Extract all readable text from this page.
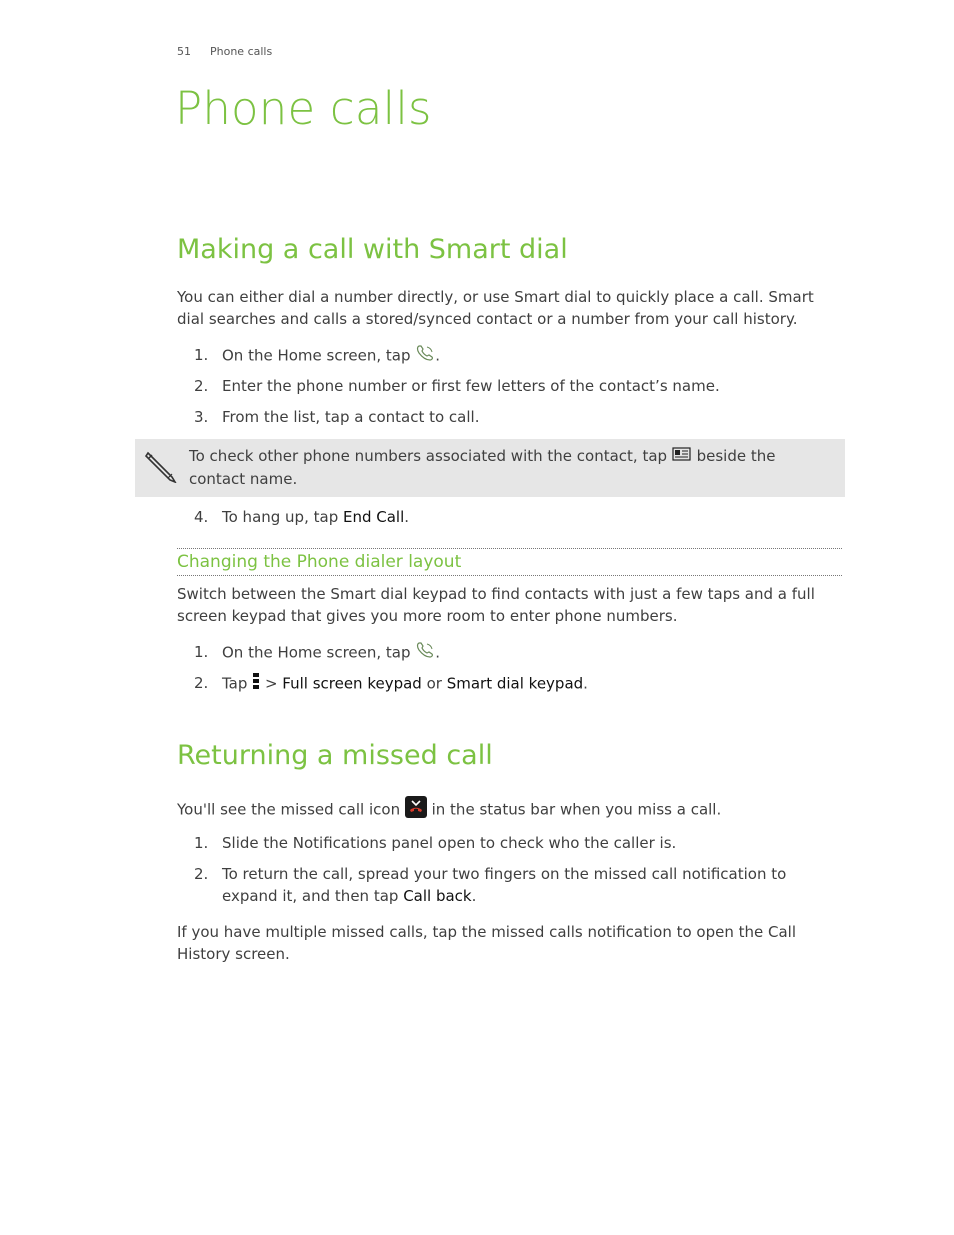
51 Phone calls
Phone calls
Making a call with Smart dial
You can either dial a number directly, or use Smart dial to quickly place a call. Smart dial searches and calls a stored/synced contact or a number from your call history.
1. On the Home screen, tap .
2. Enter the phone number or first few letters of the contact’s name.
3. From the list, tap a contact to call.
To check other phone numbers associated with the contact, tap  beside the contact name.
4. To hang up, tap End Call.
Changing the Phone dialer layout
Switch between the Smart dial keypad to find contacts with just a few taps and a full screen keypad that gives you more room to enter phone numbers.
1. On the Home screen, tap .
2. Tap  > Full screen keypad or Smart dial keypad.
Returning a missed call
You'll see the missed call icon  in the status bar when you miss a call.
1. Slide the Notifications panel open to check who the caller is.
2. To return the call, spread your two fingers on the missed call notification to expand it, and then tap Call back.
If you have multiple missed calls, tap the missed calls notification to open the Call History screen.
